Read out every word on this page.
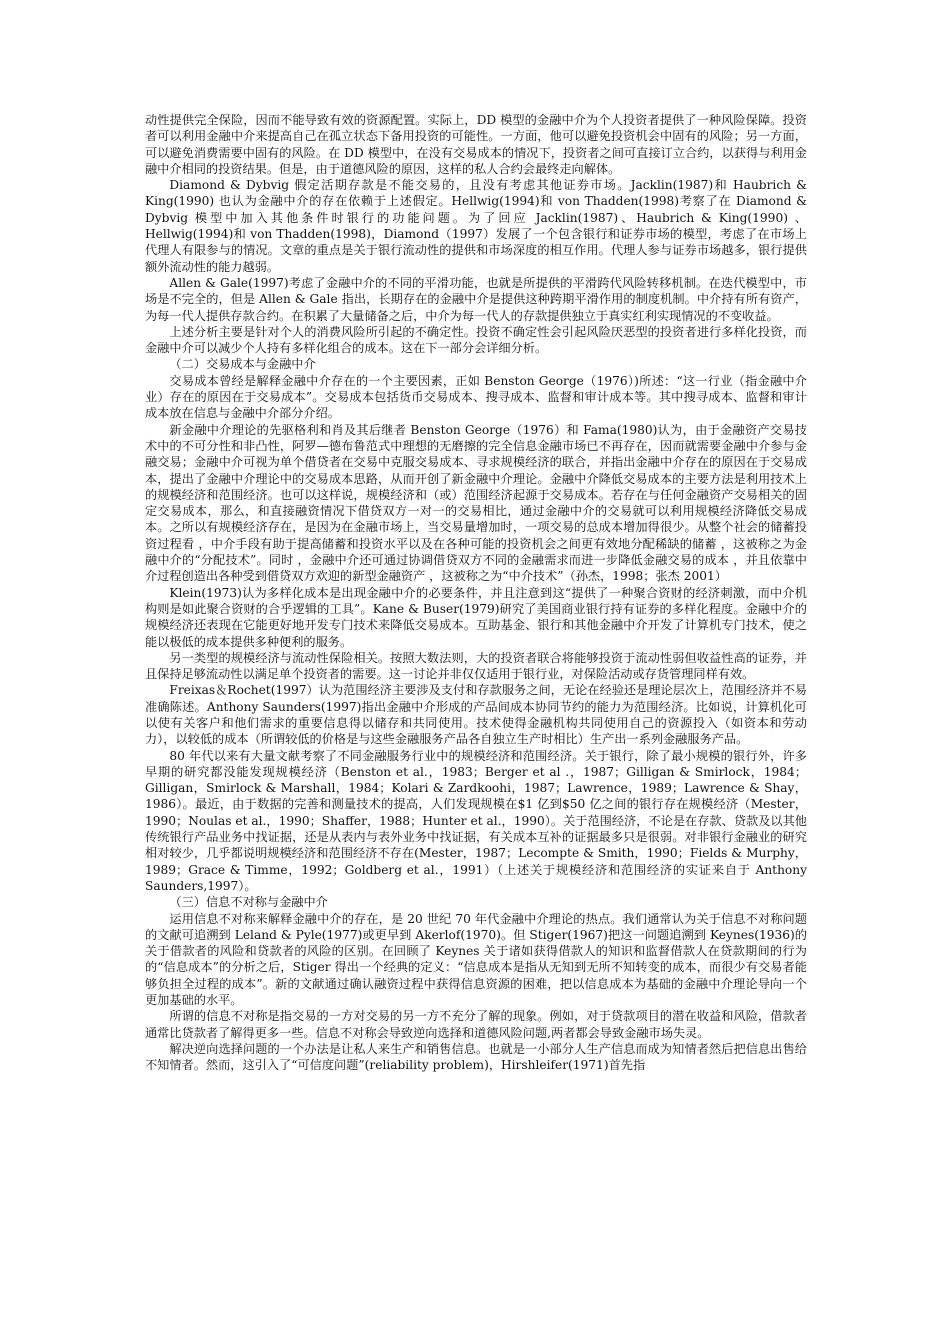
动性提供完全保险，因而不能导致有效的资源配置。实际上，DD 模型的金融中介为个人投资者提供了一种风险保障。投资者可以利用金融中介来提高自己在孤立状态下备用投资的可能性。一方面，他可以避免投资机会中固有的风险；另一方面，可以避免消费需要中固有的风险。在 DD 模型中，在没有交易成本的情况下，投资者之间可直接订立合约，以获得与利用金融中介相同的投资结果。但是，由于道德风险的原因，这样的私人合约会最终走向解体。

Diamond & Dybvig 假定活期存款是不能交易的，且没有考虑其他证券市场。Jacklin(1987)和 Haubrich & King(1990) 也认为金融中介的存在依赖于上述假定。Hellwig(1994)和 von Thadden(1998)考察了在 Diamond & Dybvig 模型中加入其他条件时银行的功能问题。为了回应 Jacklin(1987)、Haubrich & King(1990) 、Hellwig(1994)和 von Thadden(1998)，Diamond（1997）发展了一个包含银行和证券市场的模型，考虑了在市场上代理人有限参与的情况。文章的重点是关于银行流动性的提供和市场深度的相互作用。代理人参与证券市场越多，银行提供额外流动性的能力越弱。

Allen & Gale(1997)考虑了金融中介的不同的平滑功能，也就是所提供的平滑跨代风险转移机制。在迭代模型中，市场是不完全的，但是 Allen & Gale 指出，长期存在的金融中介是提供这种跨期平滑作用的制度机制。中介持有所有资产，为每一代人提供存款合约。在积累了大量储备之后，中介为每一代人的存款提供独立于真实红利实现情况的不变收益。

上述分析主要是针对个人的消费风险所引起的不确定性。投资不确定性会引起风险厌恶型的投资者进行多样化投资，而金融中介可以减少个人持有多样化组合的成本。这在下一部分会详细分析。

（二）交易成本与金融中介

交易成本曾经是解释金融中介存在的一个主要因素，正如 Benston George（1976）)所述：“这一行业（指金融中介业）存在的原因在于交易成本”。交易成本包括货币交易成本、搜寻成本、监督和审计成本等。其中搜寻成本、监督和审计成本放在信息与金融中介部分介绍。

新金融中介理论的先驱格利和肖及其后继者 Benston George（1976）和 Fama(1980)认为，由于金融资产交易技术中的不可分性和非凸性，阿罗—德布鲁范式中理想的无磨擦的完全信息金融市场已不再存在，因而就需要金融中介参与金融交易；金融中介可视为单个借贷者在交易中克服交易成本、寻求规模经济的联合，并指出金融中介存在的原因在于交易成本，提出了金融中介理论中的交易成本思路，从而开创了新金融中介理论。金融中介降低交易成本的主要方法是利用技术上的规模经济和范围经济。也可以这样说，规模经济和（或）范围经济起源于交易成本。若存在与任何金融资产交易相关的固定交易成本，那么，和直接融资情况下借贷双方一对一的交易相比，通过金融中介的交易就可以利用规模经济降低交易成本。之所以有规模经济存在，是因为在金融市场上，当交易量增加时，一项交易的总成本增加得很少。从整个社会的储蓄投资过程看 ，中介手段有助于提高储蓄和投资水平以及在各种可能的投资机会之间更有效地分配稀缺的储蓄 ，这被称之为金融中介的“分配技术”。同时 ，金融中介还可通过协调借贷双方不同的金融需求而进一步降低金融交易的成本 ，并且依靠中介过程创造出各种受到借贷双方欢迎的新型金融资产 ，这被称之为“中介技术”（孙杰，1998；张杰 2001）

Klein(1973)认为多样化成本是出现金融中介的必要条件，并且注意到这“提供了一种聚合资财的经济刺激，而中介机构则是如此聚合资财的合乎逻辑的工具”。Kane & Buser(1979)研究了美国商业银行持有证券的多样化程度。金融中介的规模经济还表现在它能更好地开发专门技术来降低交易成本。互助基金、银行和其他金融中介开发了计算机专门技术，使之能以极低的成本提供多种便利的服务。

另一类型的规模经济与流动性保险相关。按照大数法则，大的投资者联合将能够投资于流动性弱但收益性高的证券，并且保持足够流动性以满足单个投资者的需要。这一讨论并非仅仅适用于银行业，对保险活动或存货管理同样有效。

Freixas＆Rochet(1997）认为范围经济主要涉及支付和存款服务之间，无论在经验还是理论层次上，范围经济并不易准确陈述。Anthony Saunders(1997)指出金融中介形成的产品间成本协同节约的能力为范围经济。比如说，计算机化可以使有关客户和他们需求的重要信息得以储存和共同使用。技术使得金融机构共同使用自己的资源投入（如资本和劳动力），以较低的成本（所谓较低的价格是与这些金融服务产品各自独立生产时相比）生产出一系列金融服务产品。

80 年代以来有大量文献考察了不同金融服务行业中的规模经济和范围经济。关于银行，除了最小规模的银行外，许多早期的研究都没能发现规模经济（Benston et al.，1983；Berger et al .，1987；Gilligan & Smirlock，1984；Gilligan，Smirlock & Marshall，1984；Kolari & Zardkoohi，1987；Lawrence，1989；Lawrence & Shay，1986）。最近，由于数据的完善和测量技术的提高，人们发现规模在$1 亿到$50 亿之间的银行存在规模经济（Mester，1990；Noulas et al.，1990；Shaffer，1988；Hunter et al.，1990）。关于范围经济，不论是在存款、贷款及以其他传统银行产品业务中找证据，还是从表内与表外业务中找证据，有关成本互补的证据最多只是很弱。对非银行金融业的研究相对较少，几乎都说明规模经济和范围经济不存在(Mester，1987；Lecompte & Smith，1990；Fields & Murphy，1989；Grace & Timme，1992；Goldberg et al.，1991）（上述关于规模经济和范围经济的实证来自于 Anthony Saunders,1997）。

（三）信息不对称与金融中介

运用信息不对称来解释金融中介的存在，是 20 世纪 70 年代金融中介理论的热点。我们通常认为关于信息不对称问题的文献可追溯到 Leland & Pyle(1977)或更早到 Akerlof(1970)。但 Stiger(1967)把这一问题追溯到 Keynes(1936)的关于借款者的风险和贷款者的风险的区别。在回顾了 Keynes 关于诸如获得借款人的知识和监督借款人在贷款期间的行为的“信息成本”的分析之后，Stiger 得出一个经典的定义：“信息成本是指从无知到无所不知转变的成本，而很少有交易者能够负担全过程的成本”。新的文献通过确认融资过程中获得信息资源的困难，把以信息成本为基础的金融中介理论导向一个更加基础的水平。

所谓的信息不对称是指交易的一方对交易的另一方不充分了解的现象。例如，对于贷款项目的潜在收益和风险，借款者通常比贷款者了解得更多一些。信息不对称会导致逆向选择和道德风险问题,两者都会导致金融市场失灵。

解决逆向选择问题的一个办法是让私人来生产和销售信息。也就是一小部分人生产信息而成为知情者然后把信息出售给不知情者。然而，这引入了“可信度问题”(reliability problem)，Hirshleifer(1971)首先指
